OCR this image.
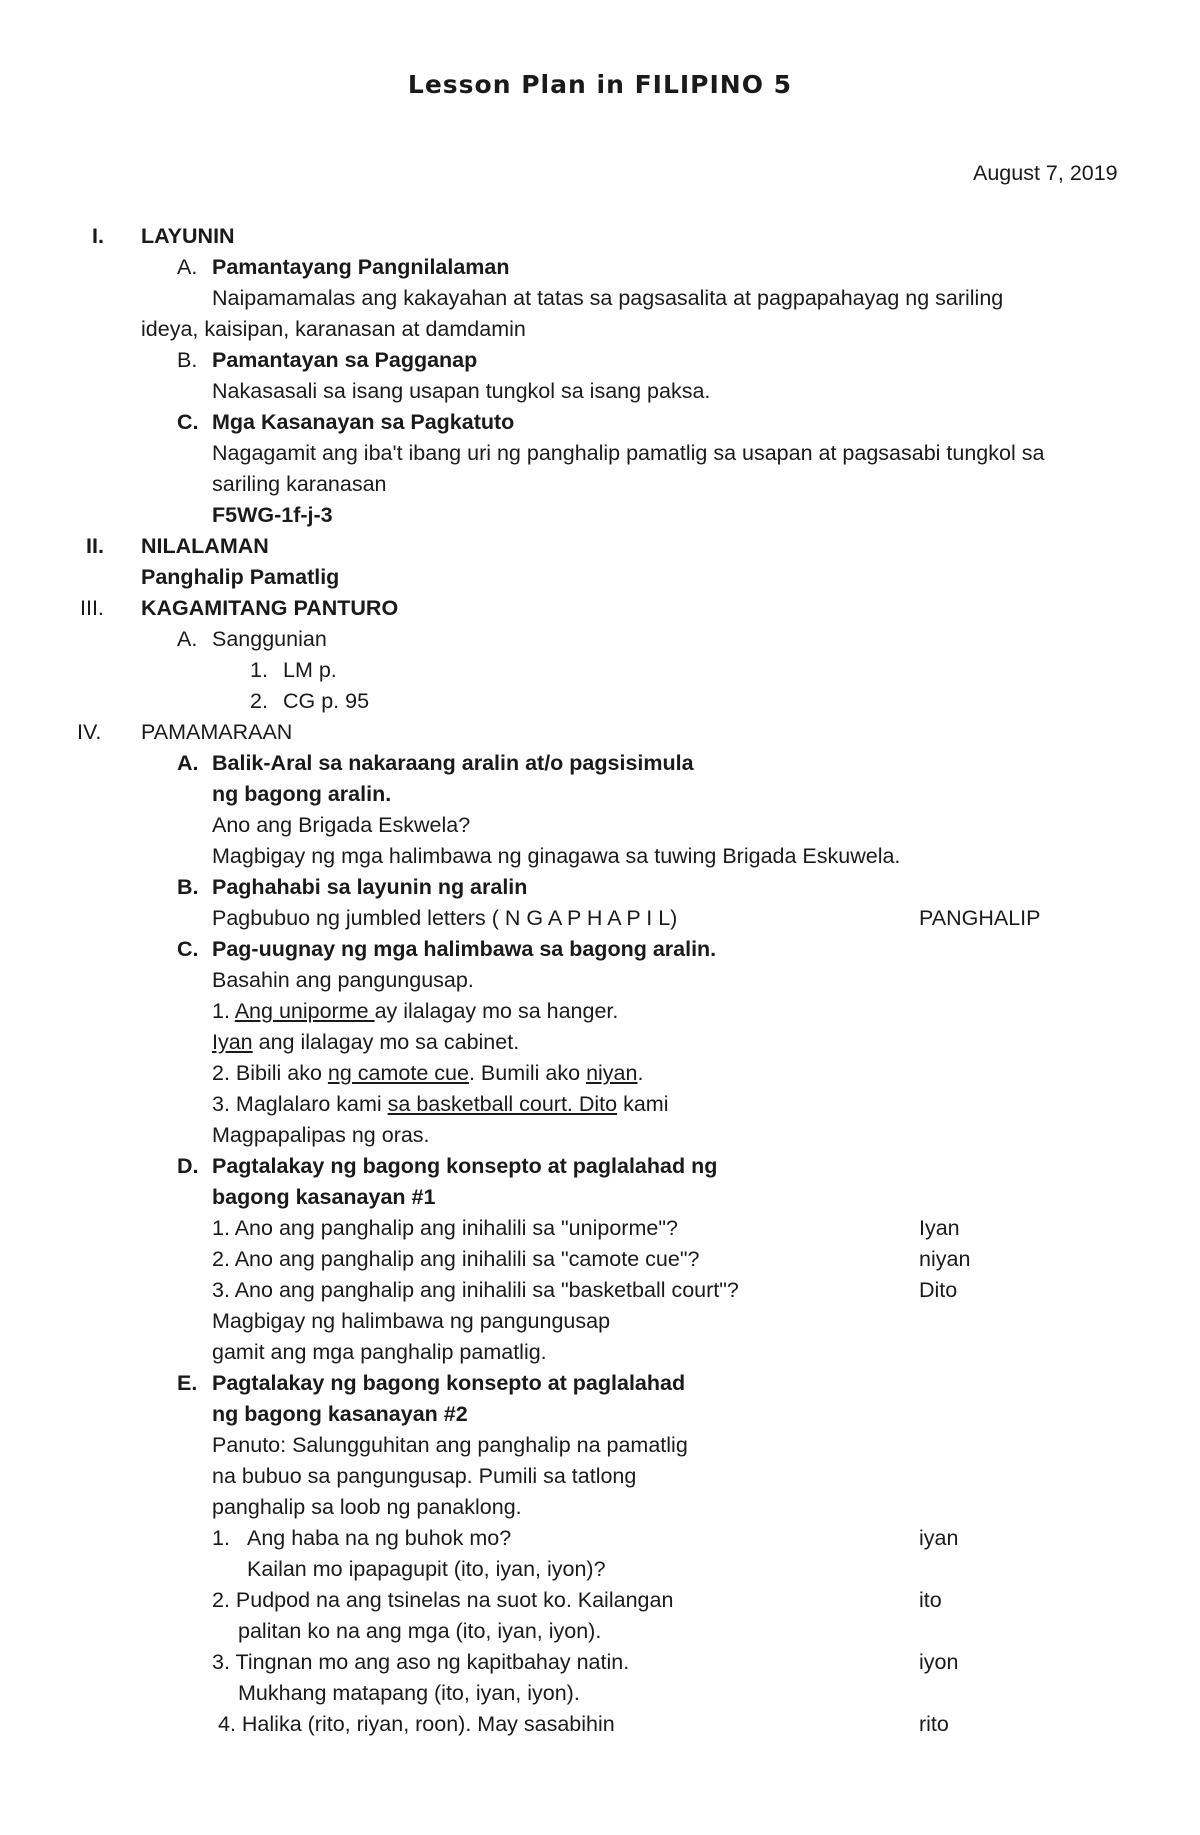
Lesson Plan in FILIPINO 5
August 7, 2019
I. LAYUNIN
A. Pamantayang Pangnilalaman
Naipamamalas ang kakayahan at tatas sa pagsasalita at pagpapahayag ng sariling
ideya, kaisipan, karanasan at damdamin
B. Pamantayan sa Pagganap
Nakasasali sa isang usapan tungkol sa isang paksa.
C. Mga Kasanayan sa Pagkatuto
Nagagamit ang iba't ibang uri ng panghalip pamatlig sa usapan at pagsasabi tungkol sa
sariling karanasan
F5WG-1f-j-3
II. NILALAMAN
Panghalip Pamatlig
III. KAGAMITANG PANTURO
A. Sanggunian
1. LM p.
2. CG p. 95
IV. PAMAMARAAN
A. Balik-Aral sa nakaraang aralin at/o pagsisimula
ng bagong aralin.
Ano ang Brigada Eskwela?
Magbigay ng mga halimbawa ng ginagawa sa tuwing Brigada Eskuwela.
B. Paghahabi sa layunin ng aralin
Pagbubuo ng jumbled letters ( N G A P H A P I L)	PANGHALIP
C. Pag-uugnay ng mga halimbawa sa bagong aralin.
Basahin ang pangungusap.
1. Ang uniporme ay ilalagay mo sa hanger.
Iyan ang ilalagay mo sa cabinet.
2. Bibili ako ng camote cue. Bumili ako niyan.
3. Maglalaro kami sa basketball court. Dito kami
Magpapalipas ng oras.
D. Pagtalakay ng bagong konsepto at paglalahad ng
bagong kasanayan #1
1. Ano ang panghalip ang inihalili sa "uniporme"?	Iyan
2. Ano ang panghalip ang inihalili sa "camote cue"?	niyan
3. Ano ang panghalip ang inihalili sa "basketball court"?	Dito
Magbigay ng halimbawa ng pangungusap
gamit ang mga panghalip pamatlig.
E. Pagtalakay ng bagong konsepto at paglalahad
ng bagong kasanayan #2
Panuto: Salungguhitan ang panghalip na pamatlig
na bubuo sa pangungusap. Pumili sa tatlong
panghalip sa loob ng panaklong.
1. Ang haba na ng buhok mo?	iyan
Kailan mo ipapagupit (ito, iyan, iyon)?
2. Pudpod na ang tsinelas na suot ko. Kailangan	ito
palitan ko na ang mga (ito, iyan, iyon).
3. Tingnan mo ang aso ng kapitbahay natin.	iyon
Mukhang matapang (ito, iyan, iyon).
4. Halika (rito, riyan, roon). May sasabihin	rito
